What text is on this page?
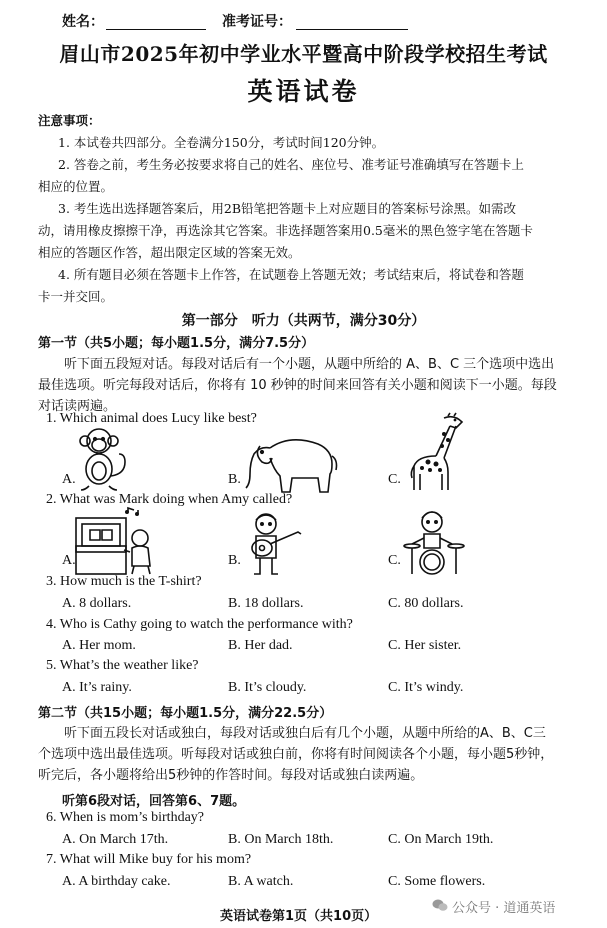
姓名：	准考证号：
眉山市2025年初中学业水平暨高中阶段学校招生考试
英语试卷
注意事项：
1. 本试卷共四部分。全卷满分150分，考试时间120分钟。
2. 答卷之前，考生务必按要求将自己的姓名、座位号、准考证号准确填写在答题卡上
相应的位置。
3. 考生选出选择题答案后，用2B铅笔把答题卡上对应题目的答案标号涂黑。如需改
动，请用橡皮擦擦干净，再选涂其它答案。非选择题答案用0.5毫米的黑色签字笔在答题卡
相应的答题区作答，超出限定区域的答案无效。
4. 所有题目必须在答题卡上作答，在试题卷上答题无效；考试结束后，将试卷和答题
卡一并交回。
第一部分　听力（共两节，满分30分）
第一节（共5小题；每小题1.5分，满分7.5分）
听下面五段短对话。每段对话后有一个小题，从题中所给的 A、B、C 三个选项中选出
最佳选项。听完每段对话后，你将有 10 秒钟的时间来回答有关小题和阅读下一小题。每段
对话读两遍。
1. Which animal does Lucy like best?
A.	B.	C.
2. What was Mark doing when Amy called?
A.	B.	C.
3. How much is the T-shirt?
A. 8 dollars.	B. 18 dollars.	C. 80 dollars.
4. Who is Cathy going to watch the performance with?
A. Her mom.	B. Her dad.	C. Her sister.
5. What’s the weather like?
A. It’s rainy.	B. It’s cloudy.	C. It’s windy.
第二节（共15小题；每小题1.5分，满分22.5分）
听下面五段长对话或独白，每段对话或独白后有几个小题，从题中所给的A、B、C三
个选项中选出最佳选项。听每段对话或独白前，你将有时间阅读各个小题，每小题5秒钟，
听完后，各小题将给出5秒钟的作答时间。每段对话或独白读两遍。
听第6段对话，回答第6、7题。
6. When is mom’s birthday?
A. On March 17th.	B. On March 18th.	C. On March 19th.
7. What will Mike buy for his mom?
A. A birthday cake.	B. A watch.	C. Some flowers.
英语试卷第1页（共10页）
公众号 · 道通英语
